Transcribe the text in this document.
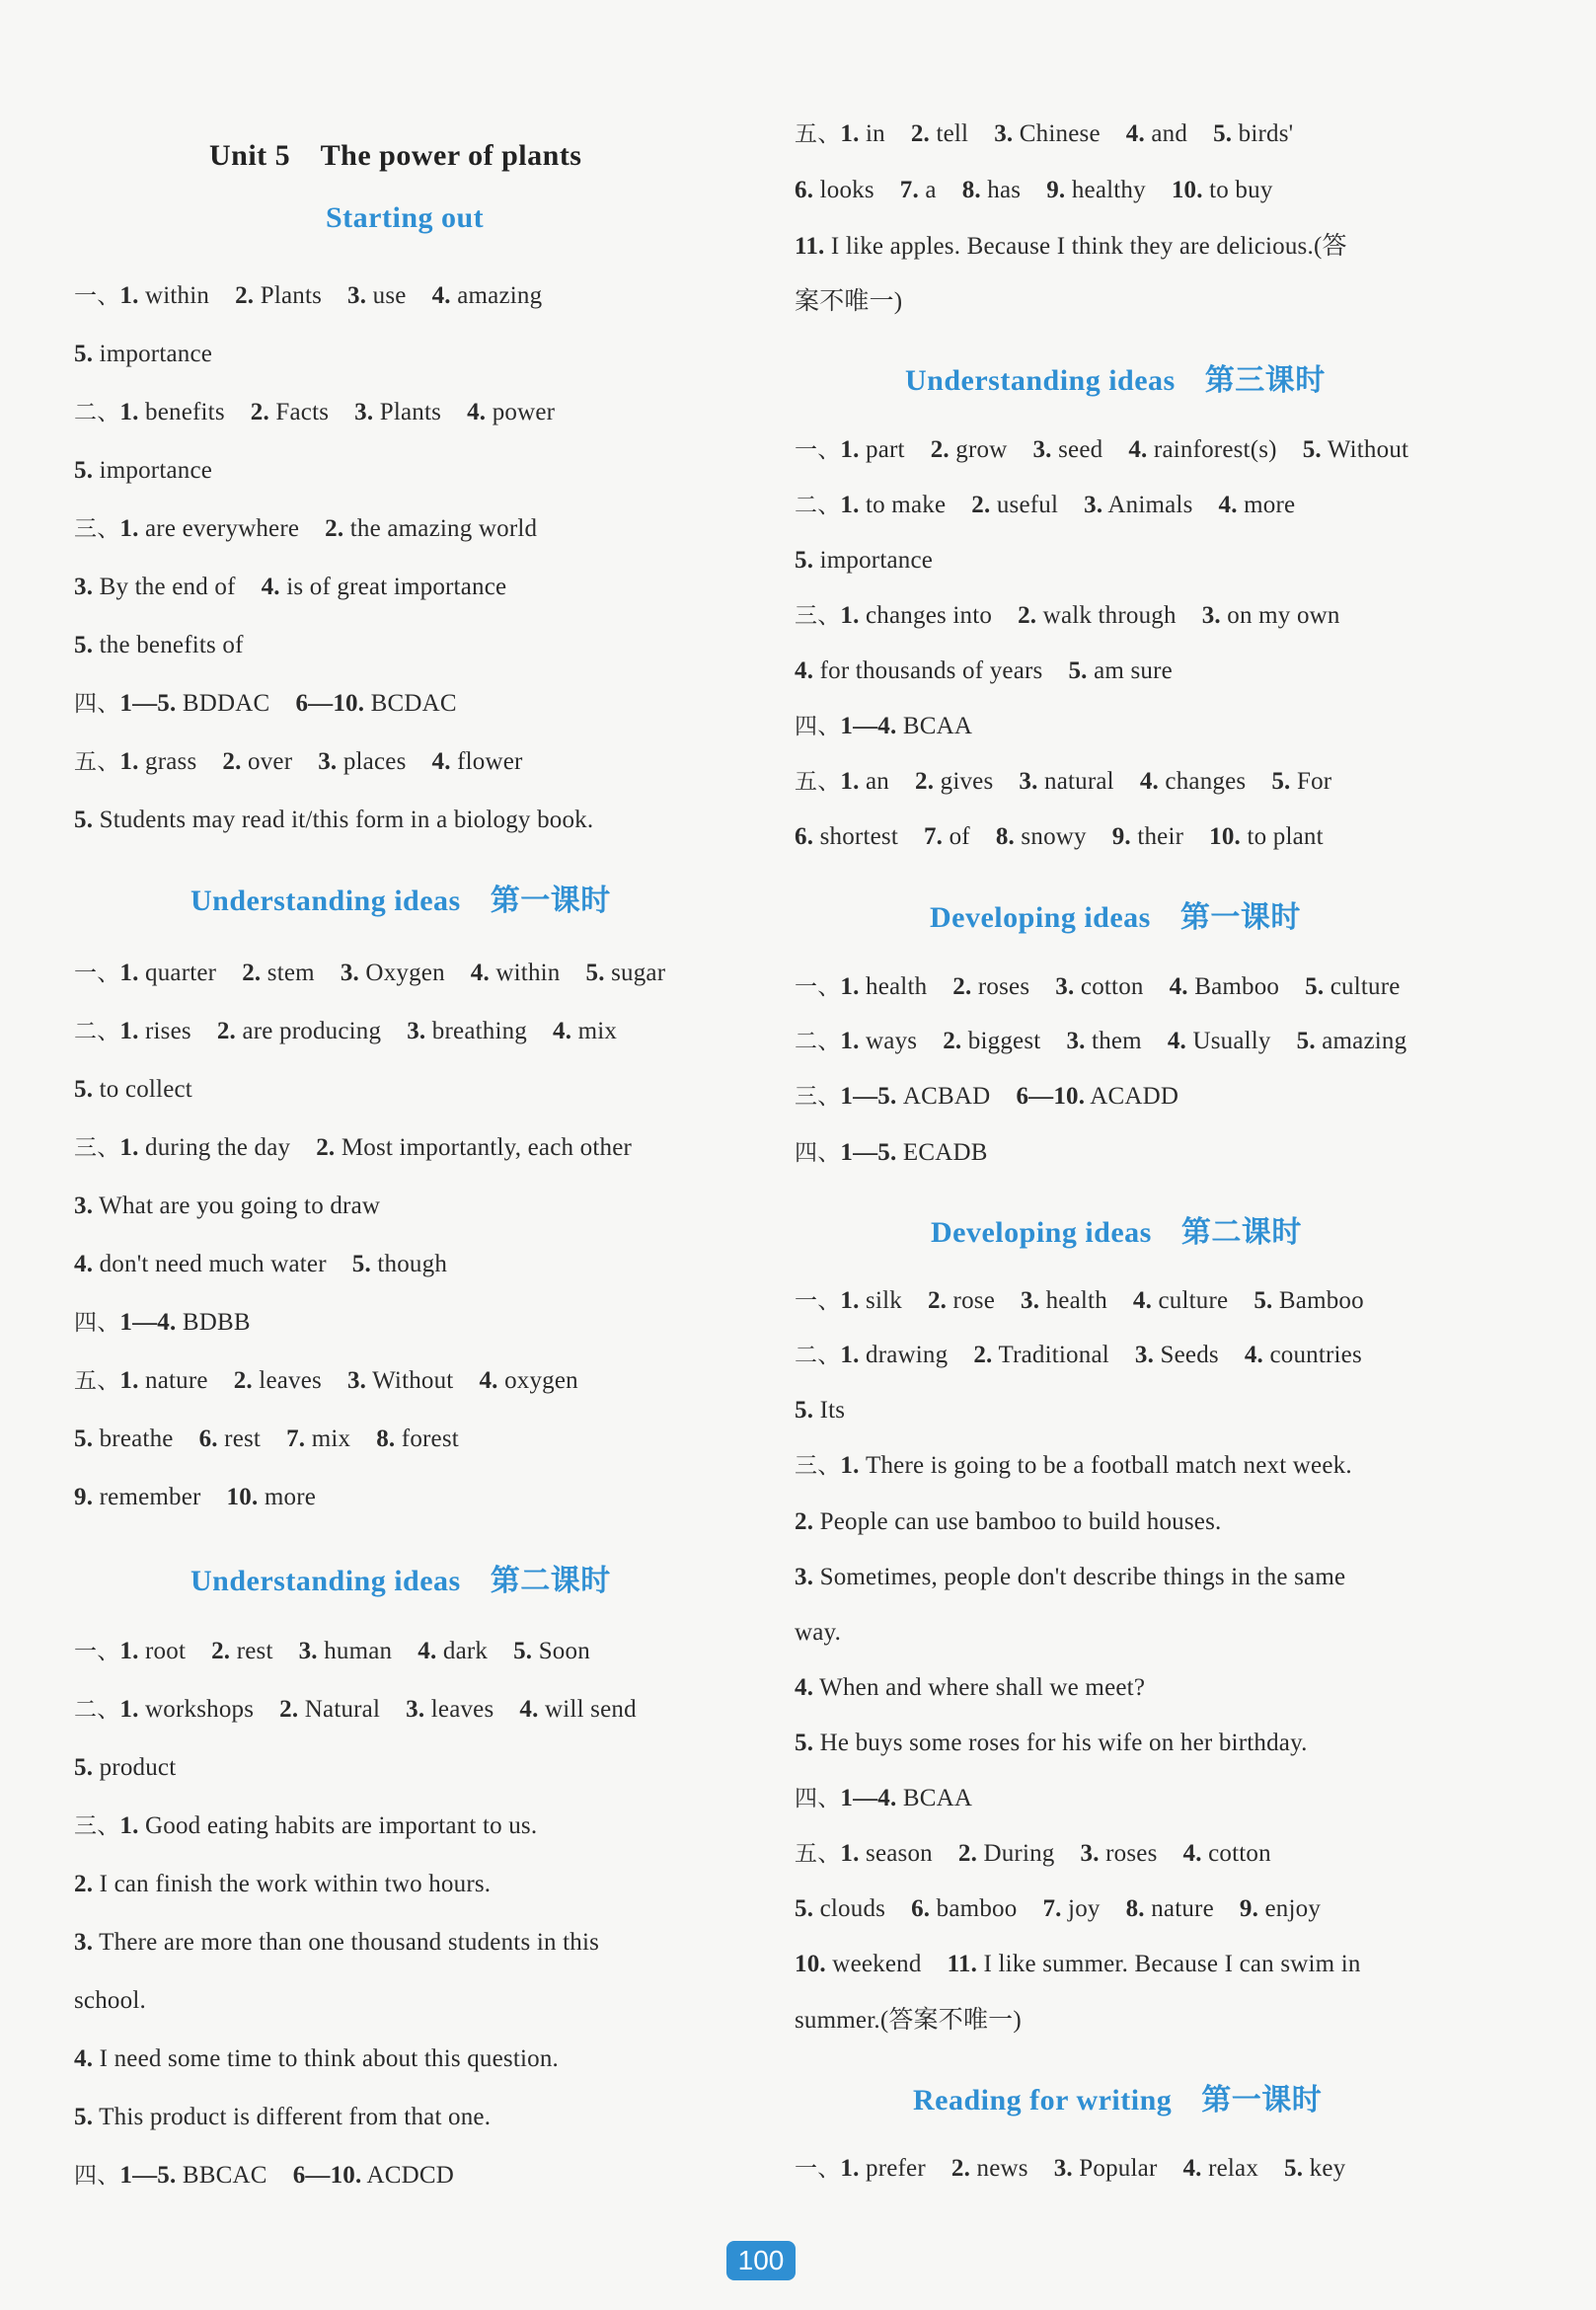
Unit 5　The power of plants
Starting out
一、1. within 2. Plants 3. use 4. amazing
5. importance
二、1. benefits 2. Facts 3. Plants 4. power
5. importance
三、1. are everywhere 2. the amazing world
3. By the end of 4. is of great importance
5. the benefits of
四、1—5. BDDAC 6—10. BCDAC
五、1. grass 2. over 3. places 4. flower
5. Students may read it/this form in a biology book.
Understanding ideas 第一课时
一、1. quarter 2. stem 3. Oxygen 4. within 5. sugar
二、1. rises 2. are producing 3. breathing 4. mix
5. to collect
三、1. during the day 2. Most importantly, each other
3. What are you going to draw
4. don't need much water 5. though
四、1—4. BDBB
五、1. nature 2. leaves 3. Without 4. oxygen
5. breathe 6. rest 7. mix 8. forest
9. remember 10. more
Understanding ideas 第二课时
一、1. root 2. rest 3. human 4. dark 5. Soon
二、1. workshops 2. Natural 3. leaves 4. will send
5. product
三、1. Good eating habits are important to us.
2. I can finish the work within two hours.
3. There are more than one thousand students in this
school.
4. I need some time to think about this question.
5. This product is different from that one.
四、1—5. BBCAC 6—10. ACDCD
五、1. in 2. tell 3. Chinese 4. and 5. birds'
6. looks 7. a 8. has 9. healthy 10. to buy
11. I like apples. Because I think they are delicious.(答
案不唯一)
Understanding ideas 第三课时
一、1. part 2. grow 3. seed 4. rainforest(s) 5. Without
二、1. to make 2. useful 3. Animals 4. more
5. importance
三、1. changes into 2. walk through 3. on my own
4. for thousands of years 5. am sure
四、1—4. BCAA
五、1. an 2. gives 3. natural 4. changes 5. For
6. shortest 7. of 8. snowy 9. their 10. to plant
Developing ideas 第一课时
一、1. health 2. roses 3. cotton 4. Bamboo 5. culture
二、1. ways 2. biggest 3. them 4. Usually 5. amazing
三、1—5. ACBAD 6—10. ACADD
四、1—5. ECADB
Developing ideas 第二课时
一、1. silk 2. rose 3. health 4. culture 5. Bamboo
二、1. drawing 2. Traditional 3. Seeds 4. countries
5. Its
三、1. There is going to be a football match next week.
2. People can use bamboo to build houses.
3. Sometimes, people don't describe things in the same
way.
4. When and where shall we meet?
5. He buys some roses for his wife on her birthday.
四、1—4. BCAA
五、1. season 2. During 3. roses 4. cotton
5. clouds 6. bamboo 7. joy 8. nature 9. enjoy
10. weekend 11. I like summer. Because I can swim in
summer.(答案不唯一)
Reading for writing 第一课时
一、1. prefer 2. news 3. Popular 4. relax 5. key
100
